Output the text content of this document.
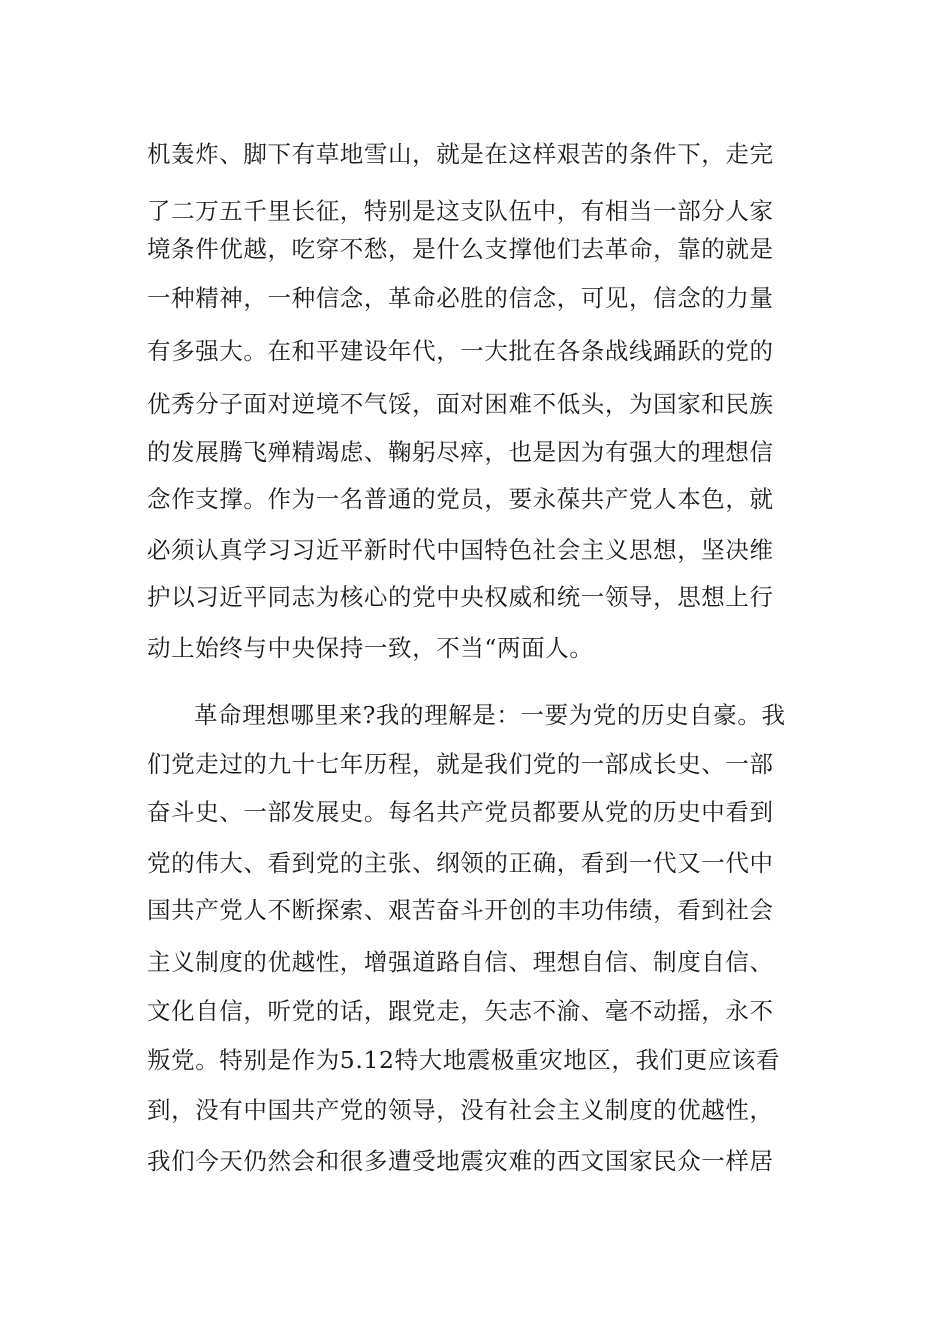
机轰炸、脚下有草地雪山，就是在这样艰苦的条件下，走完
了二万五千里长征，特别是这支队伍中，有相当一部分人家
境条件优越，吃穿不愁，是什么支撑他们去革命，靠的就是
一种精神，一种信念，革命必胜的信念，可见，信念的力量
有多强大。在和平建设年代，一大批在各条战线踊跃的党的
优秀分子面对逆境不气馁，面对困难不低头，为国家和民族
的发展腾飞殚精竭虑、鞠躬尽瘁，也是因为有强大的理想信
念作支撑。作为一名普通的党员，要永葆共产党人本色，就
必须认真学习习近平新时代中国特色社会主义思想，坚决维
护以习近平同志为核心的党中央权威和统一领导，思想上行
动上始终与中央保持一致，不当“两面人。
革命理想哪里来?我的理解是：一要为党的历史自豪。我
们党走过的九十七年历程，就是我们党的一部成长史、一部
奋斗史、一部发展史。每名共产党员都要从党的历史中看到
党的伟大、看到党的主张、纲领的正确，看到一代又一代中
国共产党人不断探索、艰苦奋斗开创的丰功伟绩，看到社会
主义制度的优越性，增强道路自信、理想自信、制度自信、
文化自信，听党的话，跟党走，矢志不渝、毫不动摇，永不
叛党。特别是作为5.12特大地震极重灾地区，我们更应该看
到，没有中国共产党的领导，没有社会主义制度的优越性，
我们今天仍然会和很多遭受地震灾难的西文国家民众一样居
